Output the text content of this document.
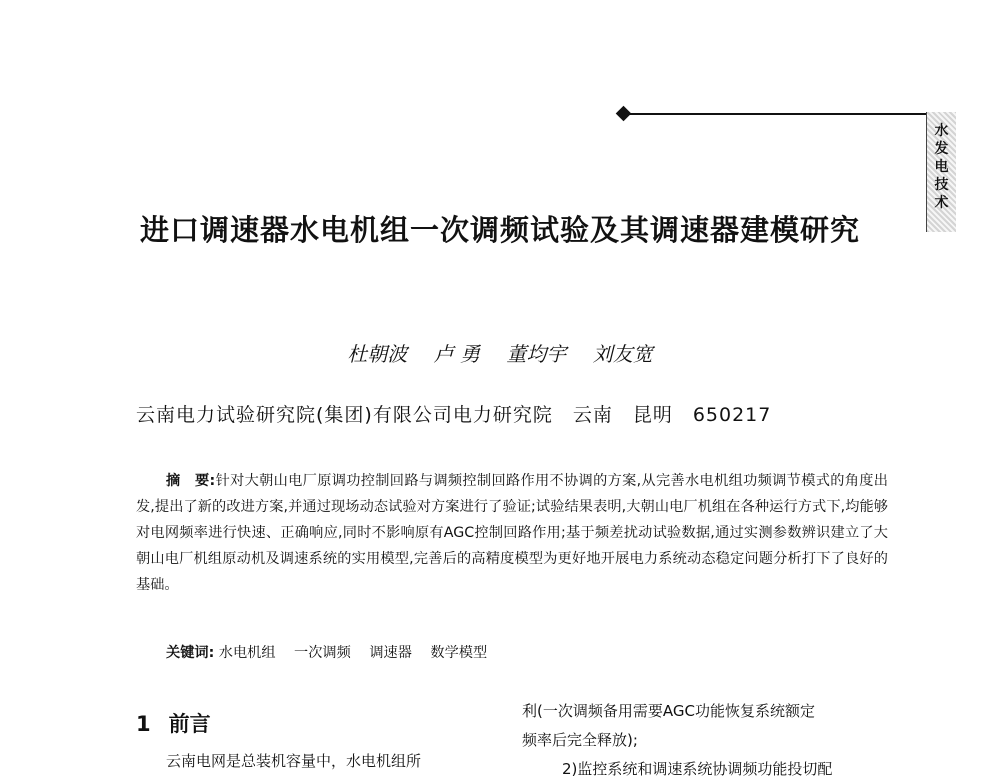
水
发
电
技
术
进口调速器水电机组一次调频试验及其调速器建模研究
杜朝波 卢 勇 董均宇 刘友宽
云南电力试验研究院(集团)有限公司电力研究院　云南　昆明　650217
摘　要:针对大朝山电厂原调功控制回路与调频控制回路作用不协调的方案,从完善水电机组功频调节模式的角度出发,提出了新的改进方案,并通过现场动态试验对方案进行了验证;试验结果表明,大朝山电厂机组在各种运行方式下,均能够对电网频率进行快速、正确响应,同时不影响原有AGC控制回路作用;基于频差扰动试验数据,通过实测参数辨识建立了大朝山电厂机组原动机及调速系统的实用模型,完善后的高精度模型为更好地开展电力系统动态稳定问题分析打下了良好的基础。
关键词: 水电机组 一次调频 调速器 数学模型
1 前言
云南电网是总装机容量中，水电机组所
利(一次调频备用需要AGC功能恢复系统额定
频率后完全释放);
2)监控系统和调速系统协调频功能投切配
